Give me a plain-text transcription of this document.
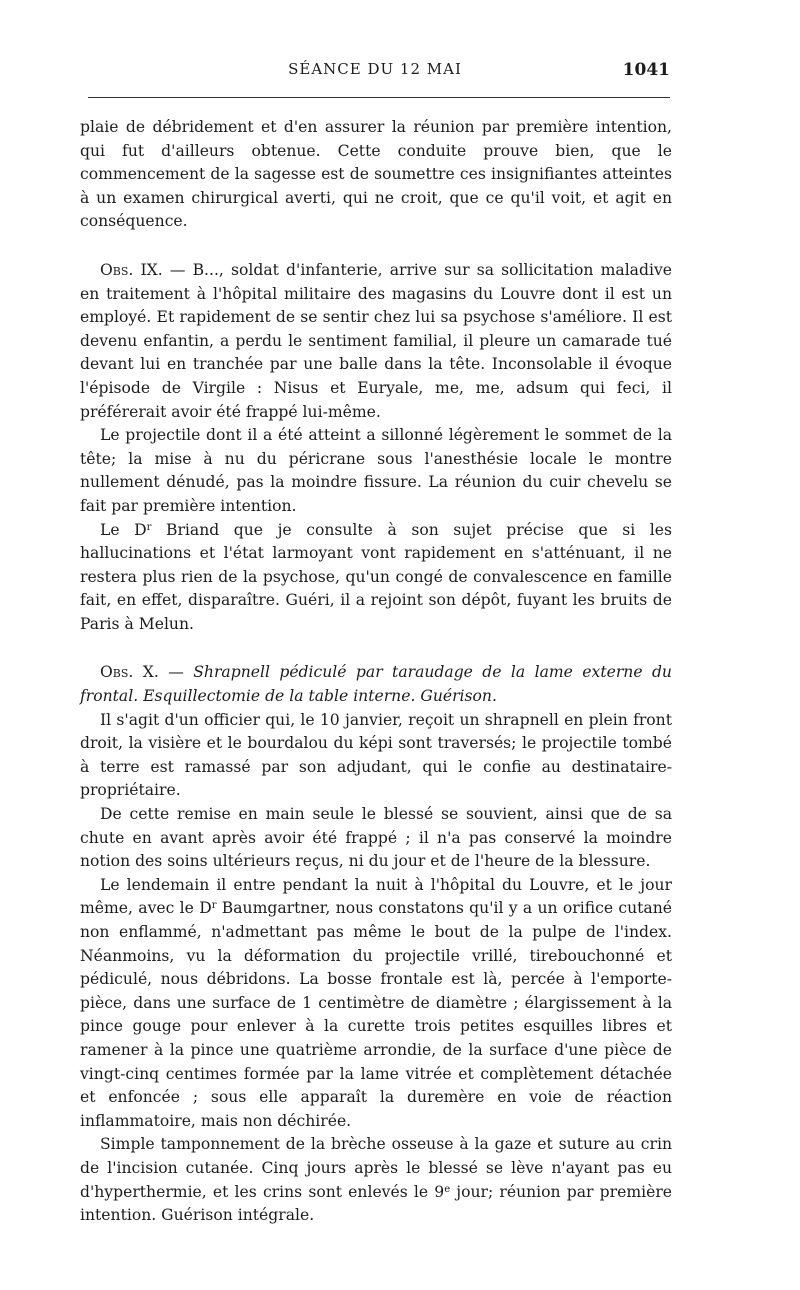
SÉANCE DU 12 MAI	1041

plaie de débridement et d'en assurer la réunion par première intention, qui fut d'ailleurs obtenue. Cette conduite prouve bien, que le commencement de la sagesse est de soumettre ces insignifiantes atteintes à un examen chirurgical averti, qui ne croit, que ce qu'il voit, et agit en conséquence.

Obs. IX. — B..., soldat d'infanterie, arrive sur sa sollicitation maladive en traitement à l'hôpital militaire des magasins du Louvre dont il est un employé. Et rapidement de se sentir chez lui sa psychose s'améliore. Il est devenu enfantin, a perdu le sentiment familial, il pleure un camarade tué devant lui en tranchée par une balle dans la tête. Inconsolable il évoque l'épisode de Virgile : Nisus et Euryale, me, me, adsum qui feci, il préférerait avoir été frappé lui-même.

Le projectile dont il a été atteint a sillonné légèrement le sommet de la tête; la mise à nu du péricrane sous l'anesthésie locale le montre nullement dénudé, pas la moindre fissure. La réunion du cuir chevelu se fait par première intention.

Le $D^r$ Briand que je consulte à son sujet précise que si les hallucinations et l'état larmoyant vont rapidement en s'atténuant, il ne restera plus rien de la psychose, qu'un congé de convalescence en famille fait, en effet, disparaître. Guéri, il a rejoint son dépôt, fuyant les bruits de Paris à Melun.

Obs. X. — Shrapnell pédiculé par taraudage de la lame externe du frontal. Esquillectomie de la table interne. Guérison.

Il s'agit d'un officier qui, le 10 janvier, reçoit un shrapnell en plein front droit, la visière et le bourdalou du képi sont traversés; le projectile tombé à terre est ramassé par son adjudant, qui le confie au destinataire-propriétaire.

De cette remise en main seule le blessé se souvient, ainsi que de sa chute en avant après avoir été frappé ; il n'a pas conservé la moindre notion des soins ultérieurs reçus, ni du jour et de l'heure de la blessure.

Le lendemain il entre pendant la nuit à l'hôpital du Louvre, et le jour même, avec le $D^r$ Baumgartner, nous constatons qu'il y a un orifice cutané non enflammé, n'admettant pas même le bout de la pulpe de l'index. Néanmoins, vu la déformation du projectile vrillé, tirebouchonné et pédiculé, nous débridons. La bosse frontale est là, percée à l'emporte-pièce, dans une surface de 1 centimètre de diamètre ; élargissement à la pince gouge pour enlever à la curette trois petites esquilles libres et ramener à la pince une quatrième arrondie, de la surface d'une pièce de vingt-cinq centimes formée par la lame vitrée et complètement détachée et enfoncée ; sous elle apparaît la duremère en voie de réaction inflammatoire, mais non déchirée.

Simple tamponnement de la brèche osseuse à la gaze et suture au crin de l'incision cutanée. Cinq jours après le blessé se lève n'ayant pas eu d'hyperthermie, et les crins sont enlevés le 9e jour; réunion par première intention. Guérison intégrale.
